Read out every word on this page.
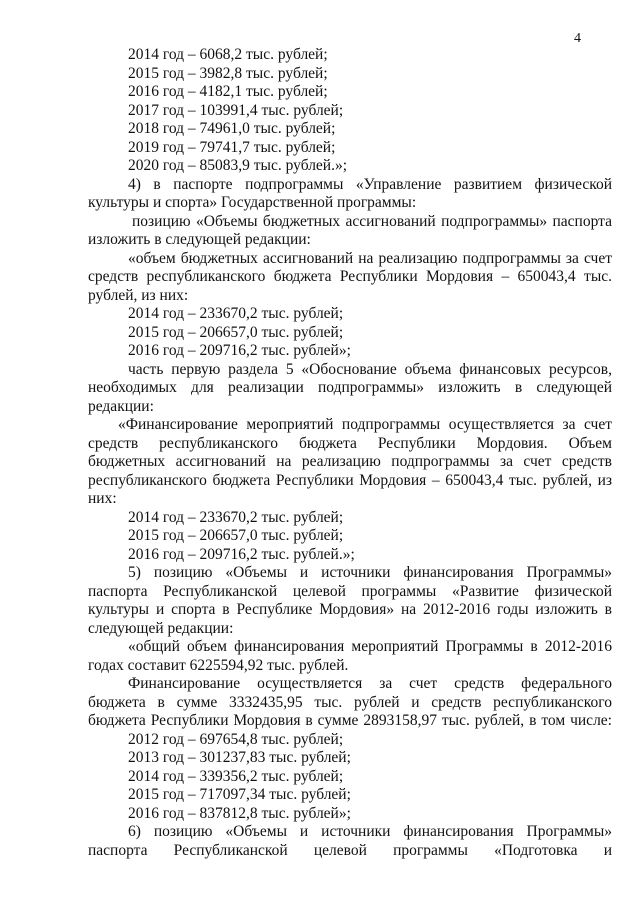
4
2014 год – 6068,2 тыс. рублей;
2015 год – 3982,8 тыс. рублей;
2016 год – 4182,1 тыс. рублей;
2017 год – 103991,4 тыс. рублей;
2018 год – 74961,0 тыс. рублей;
2019 год – 79741,7 тыс. рублей;
2020 год – 85083,9 тыс. рублей.»;
4) в паспорте подпрограммы «Управление развитием физической
культуры и спорта» Государственной программы:
позицию «Объемы бюджетных ассигнований подпрограммы» паспорта
изложить в следующей редакции:
«объем бюджетных ассигнований на реализацию подпрограммы за счет
средств республиканского бюджета Республики Мордовия – 650043,4 тыс.
рублей, из них:
2014 год – 233670,2 тыс. рублей;
2015 год – 206657,0 тыс. рублей;
2016 год – 209716,2 тыс. рублей»;
часть первую раздела 5 «Обоснование объема финансовых ресурсов,
необходимых для реализации подпрограммы» изложить в следующей
редакции:
«Финансирование мероприятий подпрограммы осуществляется за счет
средств республиканского бюджета Республики Мордовия. Объем
бюджетных ассигнований на реализацию подпрограммы за счет средств
республиканского бюджета Республики Мордовия – 650043,4 тыс. рублей, из
них:
2014 год – 233670,2 тыс. рублей;
2015 год – 206657,0 тыс. рублей;
2016 год – 209716,2 тыс. рублей.»;
5) позицию «Объемы и источники финансирования Программы»
паспорта Республиканской целевой программы «Развитие физической
культуры и спорта в Республике Мордовия» на 2012-2016 годы изложить в
следующей редакции:
«общий объем финансирования мероприятий Программы в 2012-2016
годах составит 6225594,92 тыс. рублей.
Финансирование осуществляется за счет средств федерального
бюджета в сумме 3332435,95 тыс. рублей и средств республиканского
бюджета Республики Мордовия в сумме 2893158,97 тыс. рублей, в том числе:
2012 год – 697654,8 тыс. рублей;
2013 год – 301237,83 тыс. рублей;
2014 год – 339356,2 тыс. рублей;
2015 год – 717097,34 тыс. рублей;
2016 год – 837812,8 тыс. рублей»;
6) позицию «Объемы и источники финансирования Программы»
паспорта Республиканской целевой программы «Подготовка и
